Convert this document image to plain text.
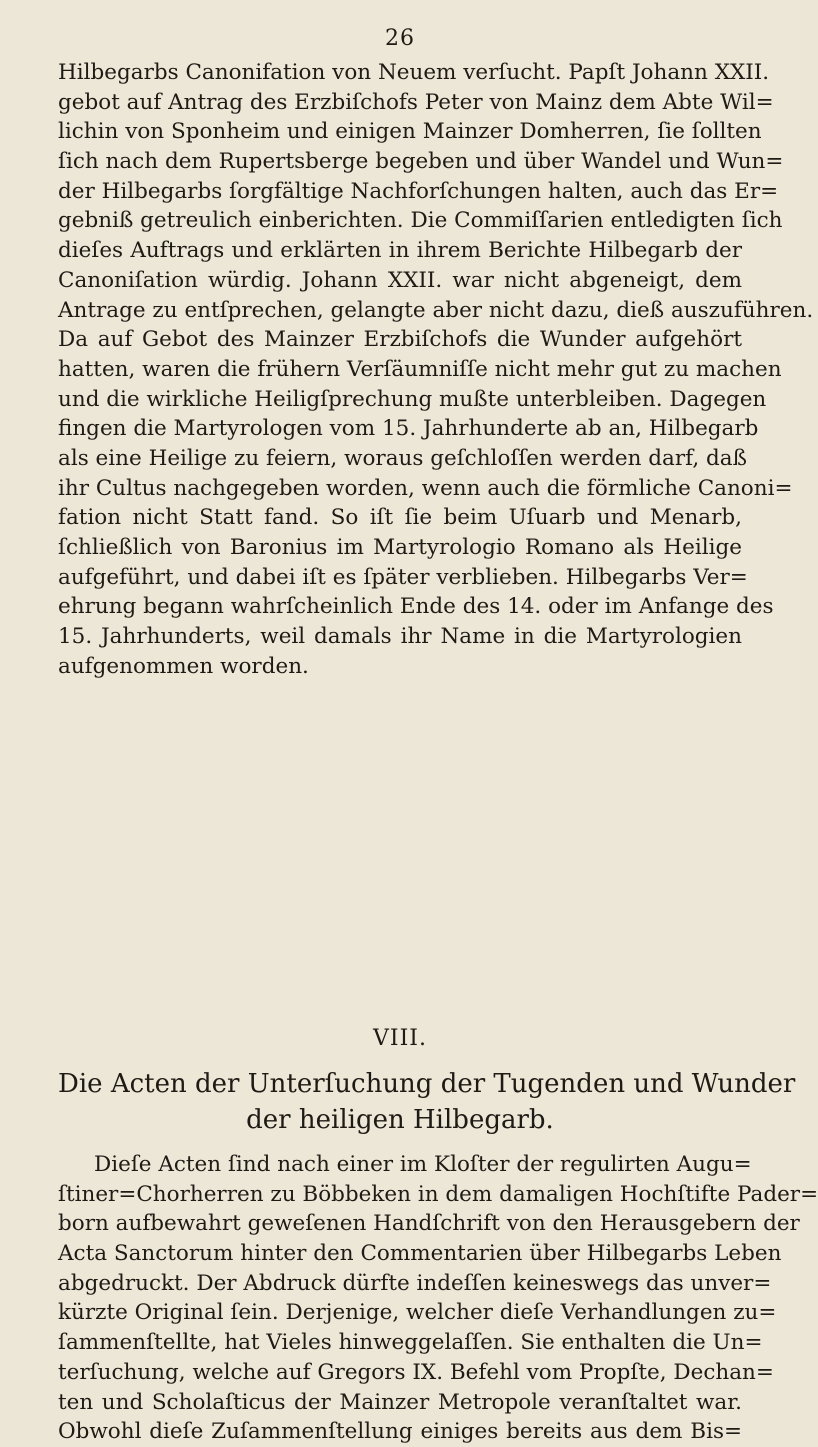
26
Hilbegarbs Canonifation von Neuem verſucht. Papſt Johann XXII.
gebot auf Antrag des Erzbiſchofs Peter von Mainz dem Abte Wil=
lichin von Sponheim und einigen Mainzer Domherren, ſie ſollten
ſich nach dem Rupertsberge begeben und über Wandel und Wun=
der Hilbegarbs ſorgfältige Nachforſchungen halten, auch das Er=
gebniß getreulich einberichten. Die Commiſſarien entledigten ſich
dieſes Auftrags und erklärten in ihrem Berichte Hilbegarb der
Canoniſation würdig. Johann XXII. war nicht abgeneigt, dem
Antrage zu entſprechen, gelangte aber nicht dazu, dieß auszuführen.
Da auf Gebot des Mainzer Erzbiſchofs die Wunder aufgehört
hatten, waren die frühern Verſäumniſſe nicht mehr gut zu machen
und die wirkliche Heiligſprechung mußte unterbleiben. Dagegen
fingen die Martyrologen vom 15. Jahrhunderte ab an, Hilbegarb
als eine Heilige zu feiern, woraus geſchloſſen werden darf, daß
ihr Cultus nachgegeben worden, wenn auch die förmliche Canoni=
fation nicht Statt fand. So iſt ſie beim Uſuarb und Menarb,
ſchließlich von Baronius im Martyrologio Romano als Heilige
aufgeführt, und dabei iſt es ſpäter verblieben. Hilbegarbs Ver=
ehrung begann wahrſcheinlich Ende des 14. oder im Anfange des
15. Jahrhunderts, weil damals ihr Name in die Martyrologien
aufgenommen worden.
VIII.
Die Acten der Unterſuchung der Tugenden und Wunder
der heiligen Hilbegarb.
Dieſe Acten ſind nach einer im Kloſter der regulirten Augu=
ſtiner=Chorherren zu Böbbeken in dem damaligen Hochſtifte Pader=
born aufbewahrt geweſenen Handſchrift von den Herausgebern der
Acta Sanctorum hinter den Commentarien über Hilbegarbs Leben
abgedruckt. Der Abdruck dürfte indeſſen keineswegs das unver=
kürzte Original ſein. Derjenige, welcher dieſe Verhandlungen zu=
ſammenſtellte, hat Vieles hinweggelaſſen. Sie enthalten die Un=
terſuchung, welche auf Gregors IX. Befehl vom Propſte, Dechan=
ten und Scholaſticus der Mainzer Metropole veranſtaltet war.
Obwohl dieſe Zuſammenſtellung einiges bereits aus dem Bis=
